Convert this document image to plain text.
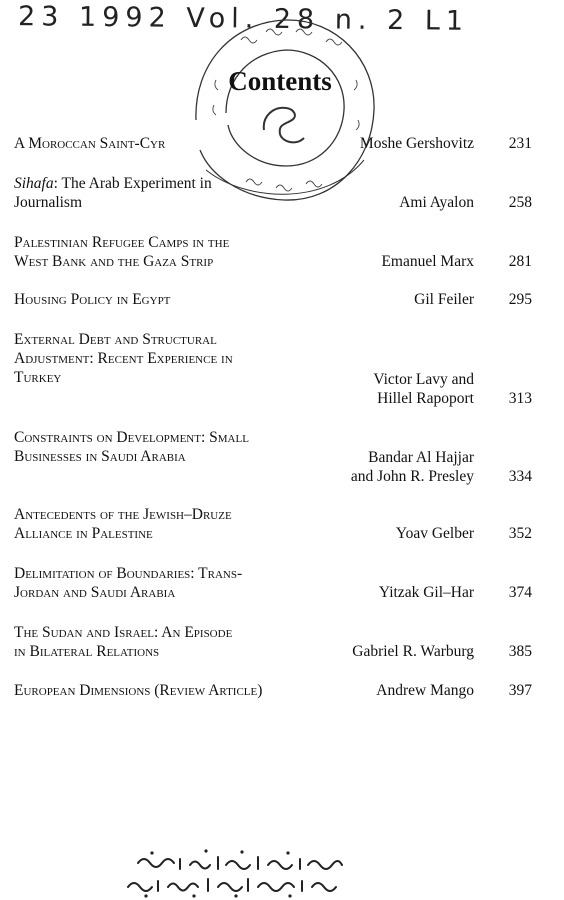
23 1992 Vol. 28 n. 2 L1
Contents
A Moroccan Saint-Cyr	Moshe Gershovitz	231
Sihafa: The Arab Experiment in
Journalism	Ami Ayalon	258
Palestinian Refugee Camps in the
West Bank and the Gaza Strip	Emanuel Marx	281
Housing Policy in Egypt	Gil Feiler	295
External Debt and Structural
Adjustment: Recent Experience in
Turkey	Victor Lavy and
Hillel Rapoport	313
Constraints on Development: Small
Businesses in Saudi Arabia	Bandar Al Hajjar
and John R. Presley	334
Antecedents of the Jewish–Druze
Alliance in Palestine	Yoav Gelber	352
Delimitation of Boundaries: Trans-
Jordan and Saudi Arabia	Yitzak Gil–Har	374
The Sudan and Israel: An Episode
in Bilateral Relations	Gabriel R. Warburg	385
European Dimensions (Review Article)	Andrew Mango	397
